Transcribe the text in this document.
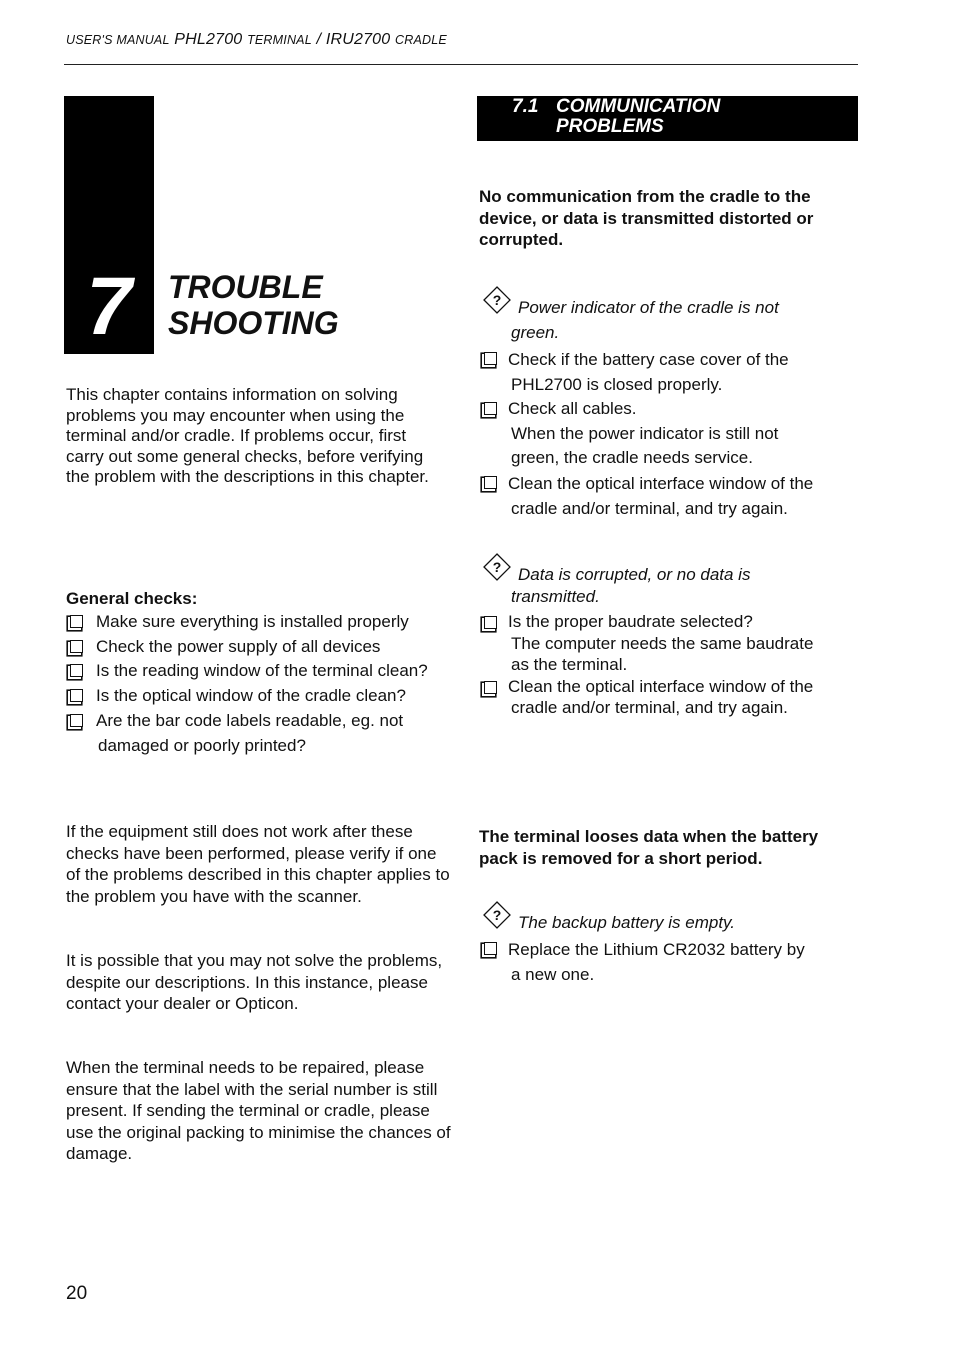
USER'S MANUAL PHL2700 TERMINAL / IRU2700 CRADLE
7	TROUBLE
SHOOTING
This chapter contains information on solving problems you may encounter when using the terminal and/or cradle. If problems occur, first carry out some general checks, before verifying the problem with the descriptions in this chapter.
General checks:
Make sure everything is installed properly
Check the power supply of all devices
Is the reading window of the terminal clean?
Is the optical window of the cradle clean?
Are the bar code labels readable, eg. not
damaged or poorly printed?
If the equipment still does not work after these checks have been performed, please verify if one of the problems described in this chapter applies to the problem you have with the scanner.
It is possible that you may not solve the problems, despite our descriptions. In this instance, please contact your dealer or Opticon.
When the terminal needs to be repaired, please ensure that the label with the serial number is still present. If sending the terminal or cradle, please use the original packing to minimise the chances of damage.
7.1 COMMUNICATION PROBLEMS
No communication from the cradle to the device, or data is transmitted distorted or corrupted.
? Power indicator of the cradle is not
green.
Check if the battery case cover of the
PHL2700 is closed properly.
Check all cables.
When the power indicator is still not
green, the cradle needs service.
Clean the optical interface window of the
cradle and/or terminal, and try again.
? Data is corrupted, or no data is
transmitted.
Is the proper baudrate selected?
The computer needs the same baudrate
as the terminal.
Clean the optical interface window of the
cradle and/or terminal, and try again.
The terminal looses data when the battery pack is removed for a short period.
? The backup battery is empty.
Replace the Lithium CR2032 battery by
a new one.
20
